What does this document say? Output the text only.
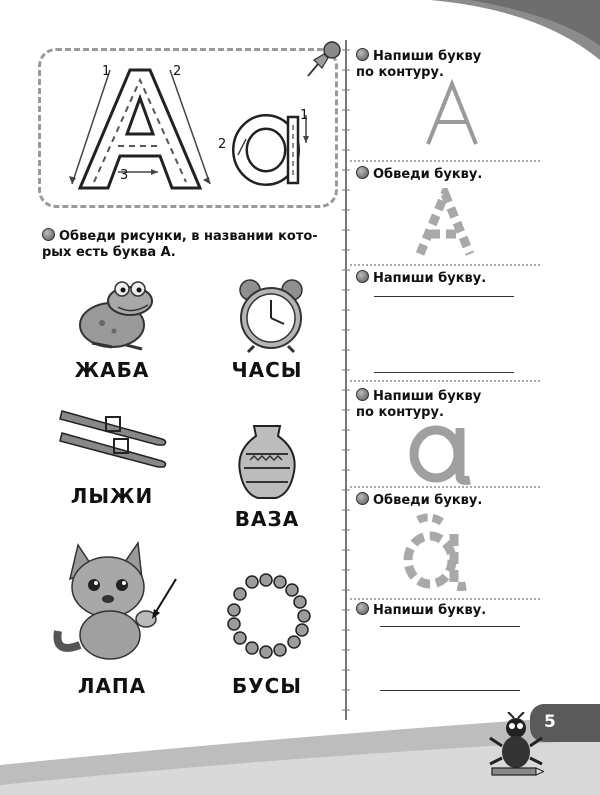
1	2
3
1
2
Обведи рисунки, в названии кото-
рых есть буква А.
ЖАБА	ЧАСЫ
ЛЫЖИ
ВАЗА
ЛАПА	БУСЫ
Напиши букву
по контуру.
Обведи букву.
Напиши букву.
Напиши букву
по контуру.
Обведи букву.
Напиши букву.
5
